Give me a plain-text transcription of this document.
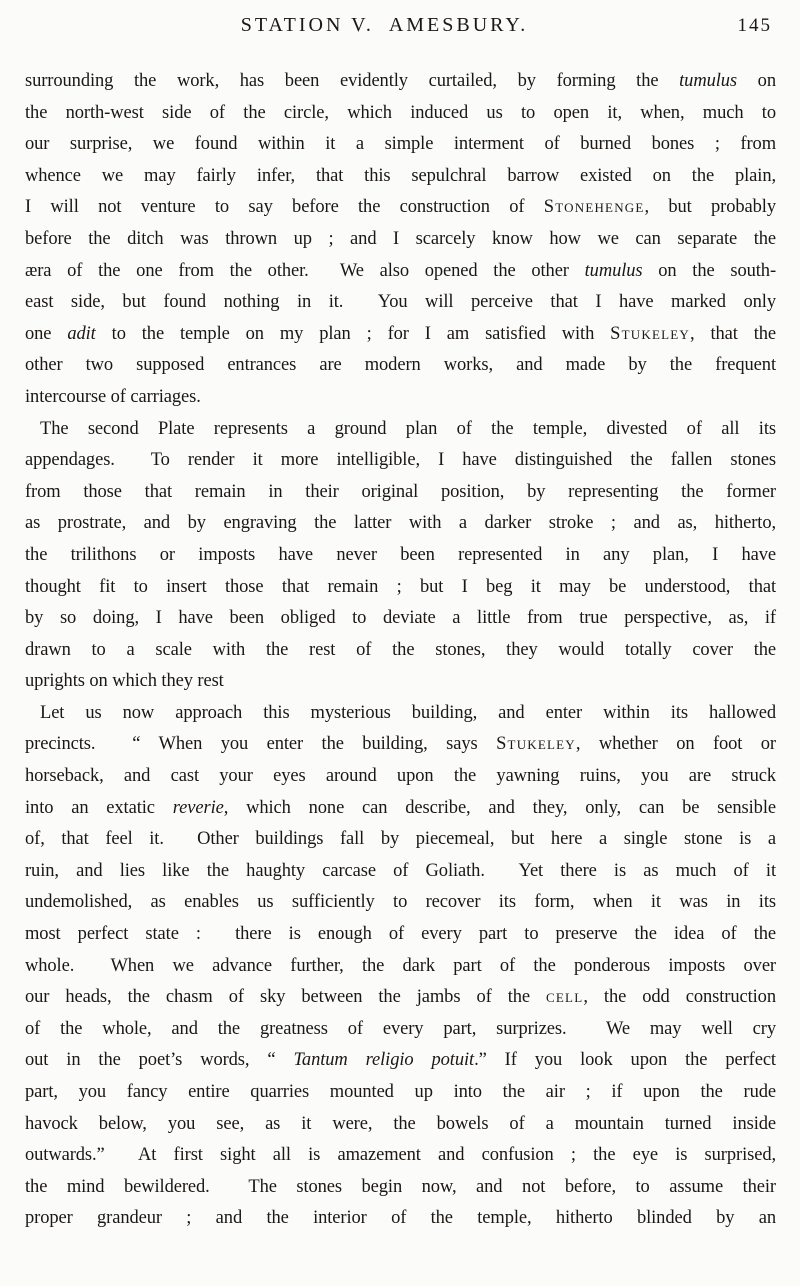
STATION V.  AMESBURY.	145
surrounding the work, has been evidently curtailed, by forming the tumulus on
the north-west side of the circle, which induced us to open it, when, much to
our surprise, we found within it a simple interment of burned bones ; from
whence we may fairly infer, that this sepulchral barrow existed on the plain,
I will not venture to say before the construction of Stonehenge, but probably
before the ditch was thrown up ; and I scarcely know how we can separate the
æra of the one from the other.  We also opened the other tumulus on the south-
east side, but found nothing in it.  You will perceive that I have marked only
one adit to the temple on my plan ; for I am satisfied with Stukeley, that the
other two supposed entrances are modern works, and made by the frequent
intercourse of carriages.
The second Plate represents a ground plan of the temple, divested of all its
appendages.  To render it more intelligible, I have distinguished the fallen stones
from those that remain in their original position, by representing the former
as prostrate, and by engraving the latter with a darker stroke ; and as, hitherto,
the trilithons or imposts have never been represented in any plan, I have
thought fit to insert those that remain ; but I beg it may be understood, that
by so doing, I have been obliged to deviate a little from true perspective, as, if
drawn to a scale with the rest of the stones, they would totally cover the
uprights on which they rest
Let us now approach this mysterious building, and enter within its hallowed
precincts.  “ When you enter the building, says Stukeley, whether on foot or
horseback, and cast your eyes around upon the yawning ruins, you are struck
into an extatic reverie, which none can describe, and they, only, can be sensible
of, that feel it.  Other buildings fall by piecemeal, but here a single stone is a
ruin, and lies like the haughty carcase of Goliath.  Yet there is as much of it
undemolished, as enables us sufficiently to recover its form, when it was in its
most perfect state :  there is enough of every part to preserve the idea of the
whole.  When we advance further, the dark part of the ponderous imposts over
our heads, the chasm of sky between the jambs of the cell, the odd construction
of the whole, and the greatness of every part, surprizes.  We may well cry
out in the poet’s words, “ Tantum religio potuit.” If you look upon the perfect
part, you fancy entire quarries mounted up into the air ; if upon the rude
havock below, you see, as it were, the bowels of a mountain turned inside
outwards.”  At first sight all is amazement and confusion ; the eye is surprised,
the mind bewildered.  The stones begin now, and not before, to assume their
proper grandeur ; and the interior of the temple, hitherto blinded by an
